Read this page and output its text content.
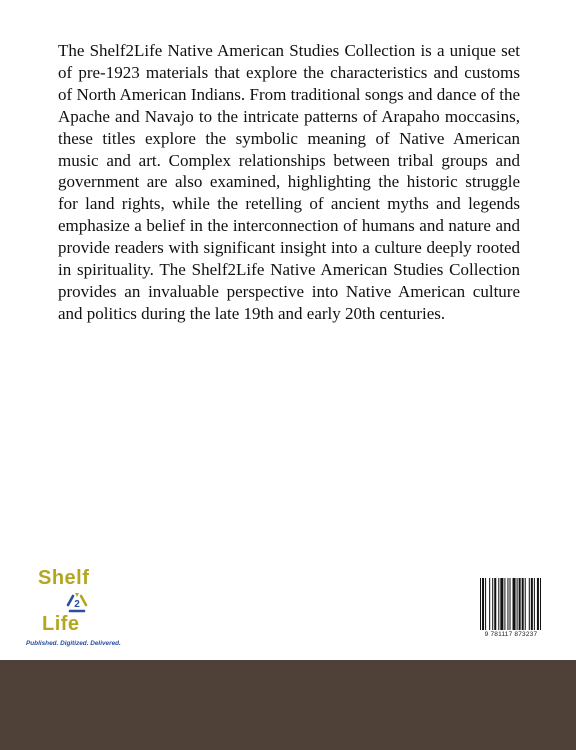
The Shelf2Life Native American Studies Collection is a unique set of pre-1923 materials that explore the characteristics and customs of North American Indians. From traditional songs and dance of the Apache and Navajo to the intricate patterns of Arapaho moccasins, these titles explore the symbolic meaning of Native American music and art. Complex relationships between tribal groups and government are also examined, highlighting the historic struggle for land rights, while the retelling of ancient myths and legends emphasize a belief in the interconnection of humans and nature and provide readers with significant insight into a culture deeply rooted in spirituality. The Shelf2Life Native American Studies Collection provides an invaluable perspective into Native American culture and politics during the late 19th and early 20th centuries.

Shelf
2
Life
Published. Digitized. Delivered.
9 781117 873237
